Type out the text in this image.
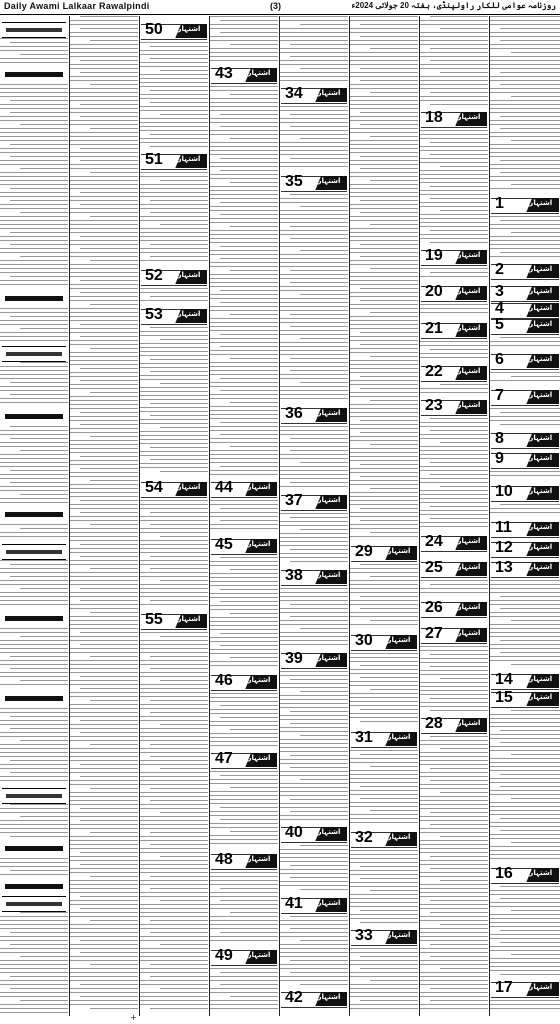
Daily Awami Lalkaar Rawalpindi	(3)	روزنامہ عوامی للکار راولپنڈی، ہفتہ 20 جولائی 2024ء
اشتہار
50
اشتہار
51
اشتہار
52
اشتہار
53
اشتہار
54
اشتہار
55
اشتہار
43
اشتہار
44
اشتہار
45
اشتہار
46
اشتہار
47
اشتہار
48
اشتہار
49
اشتہار
34
اشتہار
35
اشتہار
36
اشتہار
37
اشتہار
38
اشتہار
39
اشتہار
40
اشتہار
41
اشتہار
42
اشتہار
29
اشتہار
30
اشتہار
31
اشتہار
32
اشتہار
33
اشتہار
18
اشتہار
19
اشتہار
20
اشتہار
21
اشتہار
22
اشتہار
23
اشتہار
24
اشتہار
25
اشتہار
26
اشتہار
27
اشتہار
28
اشتہار
1
اشتہار
2
اشتہار
3
اشتہار
4
اشتہار
5
اشتہار
6
اشتہار
7
اشتہار
8
اشتہار
9
اشتہار
10
اشتہار
11
اشتہار
12
اشتہار
13
اشتہار
14
اشتہار
15
اشتہار
16
اشتہار
17
+
